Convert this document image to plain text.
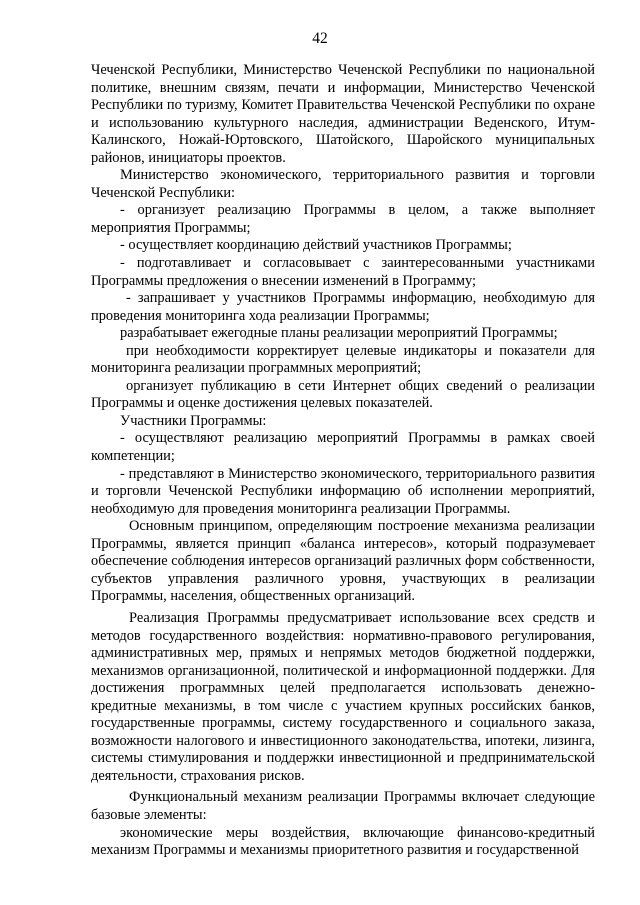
42

Чеченской Республики, Министерство Чеченской Республики по национальной политике, внешним связям, печати и информации, Министерство Чеченской Республики по туризму, Комитет Правительства Чеченской Республики по охране и использованию культурного наследия, администрации Веденского, Итум-Калинского, Ножай-Юртовского, Шатойского, Шаройского муниципальных районов, инициаторы проектов.

Министерство экономического, территориального развития и торговли Чеченской Республики:

- организует реализацию Программы в целом, а также выполняет мероприятия Программы;

- осуществляет координацию действий участников Программы;

- подготавливает и согласовывает с заинтересованными участниками Программы предложения о внесении изменений в Программу;

- запрашивает у участников Программы информацию, необходимую для проведения мониторинга хода реализации Программы;

разрабатывает ежегодные планы реализации мероприятий Программы;

при необходимости корректирует целевые индикаторы и показатели для мониторинга реализации программных мероприятий;

организует публикацию в сети Интернет общих сведений о реализации Программы и оценке достижения целевых показателей.

Участники Программы:

- осуществляют реализацию мероприятий Программы в рамках своей компетенции;

- представляют в Министерство экономического, территориального развития и торговли Чеченской Республики информацию об исполнении мероприятий, необходимую для проведения мониторинга реализации Программы.

Основным принципом, определяющим построение механизма реализации Программы, является принцип «баланса интересов», который подразумевает обеспечение соблюдения интересов организаций различных форм собственности, субъектов управления различного уровня, участвующих в реализации Программы, населения, общественных организаций.

Реализация Программы предусматривает использование всех средств и методов государственного воздействия: нормативно-правового регулирования, административных мер, прямых и непрямых методов бюджетной поддержки, механизмов организационной, политической и информационной поддержки. Для достижения программных целей предполагается использовать денежно-кредитные механизмы, в том числе с участием крупных российских банков, государственные программы, систему государственного и социального заказа, возможности налогового и инвестиционного законодательства, ипотеки, лизинга, системы стимулирования и поддержки инвестиционной и предпринимательской деятельности, страхования рисков.

Функциональный механизм реализации Программы включает следующие базовые элементы:

экономические меры воздействия, включающие финансово-кредитный механизм Программы и механизмы приоритетного развития и государственной
